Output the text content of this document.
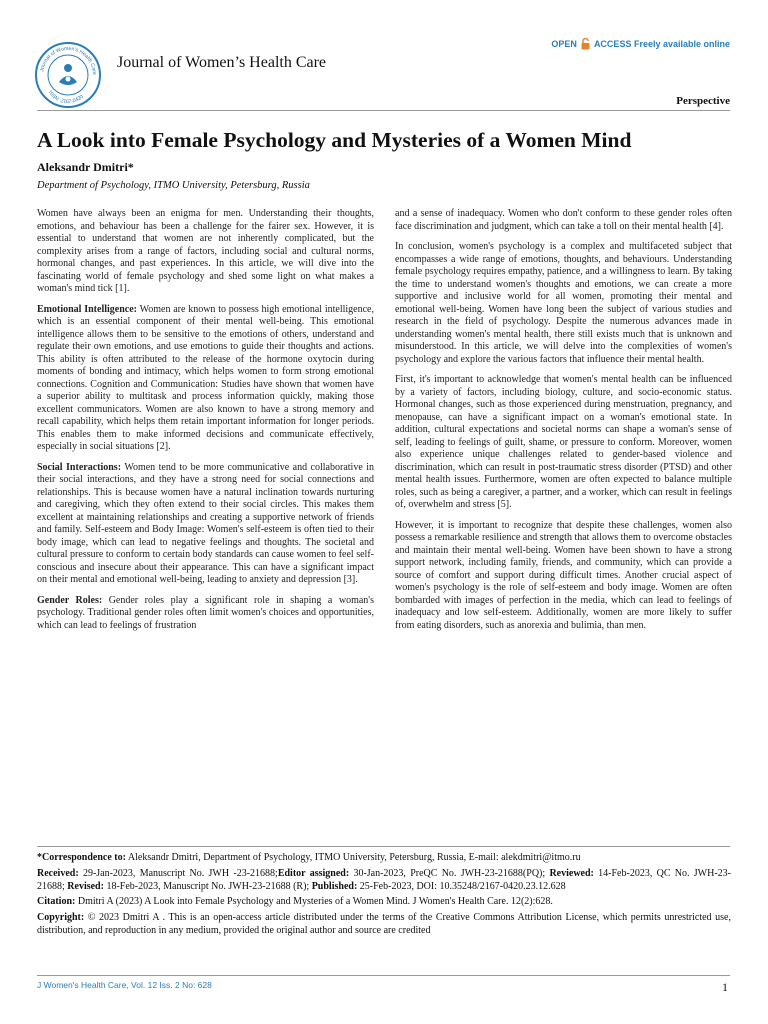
Journal of Women's Health Care
ISSN: 2167-0420
Journal of Women’s Health Care
OPEN ACCESS Freely available online
Perspective
A Look into Female Psychology and Mysteries of a Women Mind
Aleksandr Dmitri*
Department of Psychology, ITMO University, Petersburg, Russia

Women have always been an enigma for men. Understanding their thoughts, emotions, and behaviour has been a challenge for the fairer sex. However, it is essential to understand that women are not inherently complicated, but the complexity arises from a range of factors, including social and cultural norms, hormonal changes, and past experiences. In this article, we will dive into the fascinating world of female psychology and shed some light on what makes a woman's mind tick [1].

Emotional Intelligence: Women are known to possess high emotional intelligence, which is an essential component of their mental well-being. This emotional intelligence allows them to be sensitive to the emotions of others, understand and regulate their own emotions, and use emotions to guide their thoughts and actions. This ability is often attributed to the release of the hormone oxytocin during moments of bonding and intimacy, which helps women to form strong emotional connections. Cognition and Communication: Studies have shown that women have a superior ability to multitask and process information quickly, making those excellent communicators. Women are also known to have a strong memory and recall capability, which helps them retain important information for longer periods. This enables them to make informed decisions and communicate effectively, especially in social situations [2].

Social Interactions: Women tend to be more communicative and collaborative in their social interactions, and they have a strong need for social connections and relationships. This is because women have a natural inclination towards nurturing and caregiving, which they often extend to their social circles. This makes them excellent at maintaining relationships and creating a supportive network of friends and family. Self-esteem and Body Image: Women's self-esteem is often tied to their body image, which can lead to negative feelings and thoughts. The societal and cultural pressure to conform to certain body standards can cause women to feel self-conscious and insecure about their appearance. This can have a significant impact on their mental and emotional well-being, leading to anxiety and depression [3].

Gender Roles: Gender roles play a significant role in shaping a woman's psychology. Traditional gender roles often limit women's choices and opportunities, which can lead to feelings of frustration

and a sense of inadequacy. Women who don't conform to these gender roles often face discrimination and judgment, which can take a toll on their mental health [4].

In conclusion, women's psychology is a complex and multifaceted subject that encompasses a wide range of emotions, thoughts, and behaviours. Understanding female psychology requires empathy, patience, and a willingness to learn. By taking the time to understand women's thoughts and emotions, we can create a more supportive and inclusive world for all women, promoting their mental and emotional well-being. Women have long been the subject of various studies and research in the field of psychology. Despite the numerous advances made in understanding women's mental health, there still exists much that is unknown and misunderstood. In this article, we will delve into the complexities of women's psychology and explore the various factors that influence their mental health.

First, it's important to acknowledge that women's mental health can be influenced by a variety of factors, including biology, culture, and socio-economic status. Hormonal changes, such as those experienced during menstruation, pregnancy, and menopause, can have a significant impact on a woman's emotional state. In addition, cultural expectations and societal norms can shape a woman's sense of self, leading to feelings of guilt, shame, or pressure to conform. Moreover, women also experience unique challenges related to gender-based violence and discrimination, which can result in post-traumatic stress disorder (PTSD) and other mental health issues. Furthermore, women are often expected to balance multiple roles, such as being a caregiver, a partner, and a worker, which can result in feelings of, overwhelm and stress [5].

However, it is important to recognize that despite these challenges, women also possess a remarkable resilience and strength that allows them to overcome obstacles and maintain their mental well-being. Women have been shown to have a strong support network, including family, friends, and community, which can provide a source of comfort and support during difficult times. Another crucial aspect of women's psychology is the role of self-esteem and body image. Women are often bombarded with images of perfection in the media, which can lead to feelings of inadequacy and low self-esteem. Additionally, women are more likely to suffer from eating disorders, such as anorexia and bulimia, than men.

*Correspondence to: Aleksandr Dmitri, Department of Psychology, ITMO University, Petersburg, Russia, E-mail: alekdmitri@itmo.ru

Received: 29-Jan-2023, Manuscript No. JWH -23-21688;Editor assigned: 30-Jan-2023, PreQC No. JWH-23-21688(PQ); Reviewed: 14-Feb-2023, QC No. JWH-23-21688; Revised: 18-Feb-2023, Manuscript No. JWH-23-21688 (R); Published: 25-Feb-2023, DOI: 10.35248/2167-0420.23.12.628

Citation: Dmitri A (2023) A Look into Female Psychology and Mysteries of a Women Mind. J Women's Health Care. 12(2):628.

Copyright: © 2023 Dmitri A . This is an open-access article distributed under the terms of the Creative Commons Attribution License, which permits unrestricted use, distribution, and reproduction in any medium, provided the original author and source are credited

J Women's Health Care, Vol. 12 Iss. 2 No: 628	1
